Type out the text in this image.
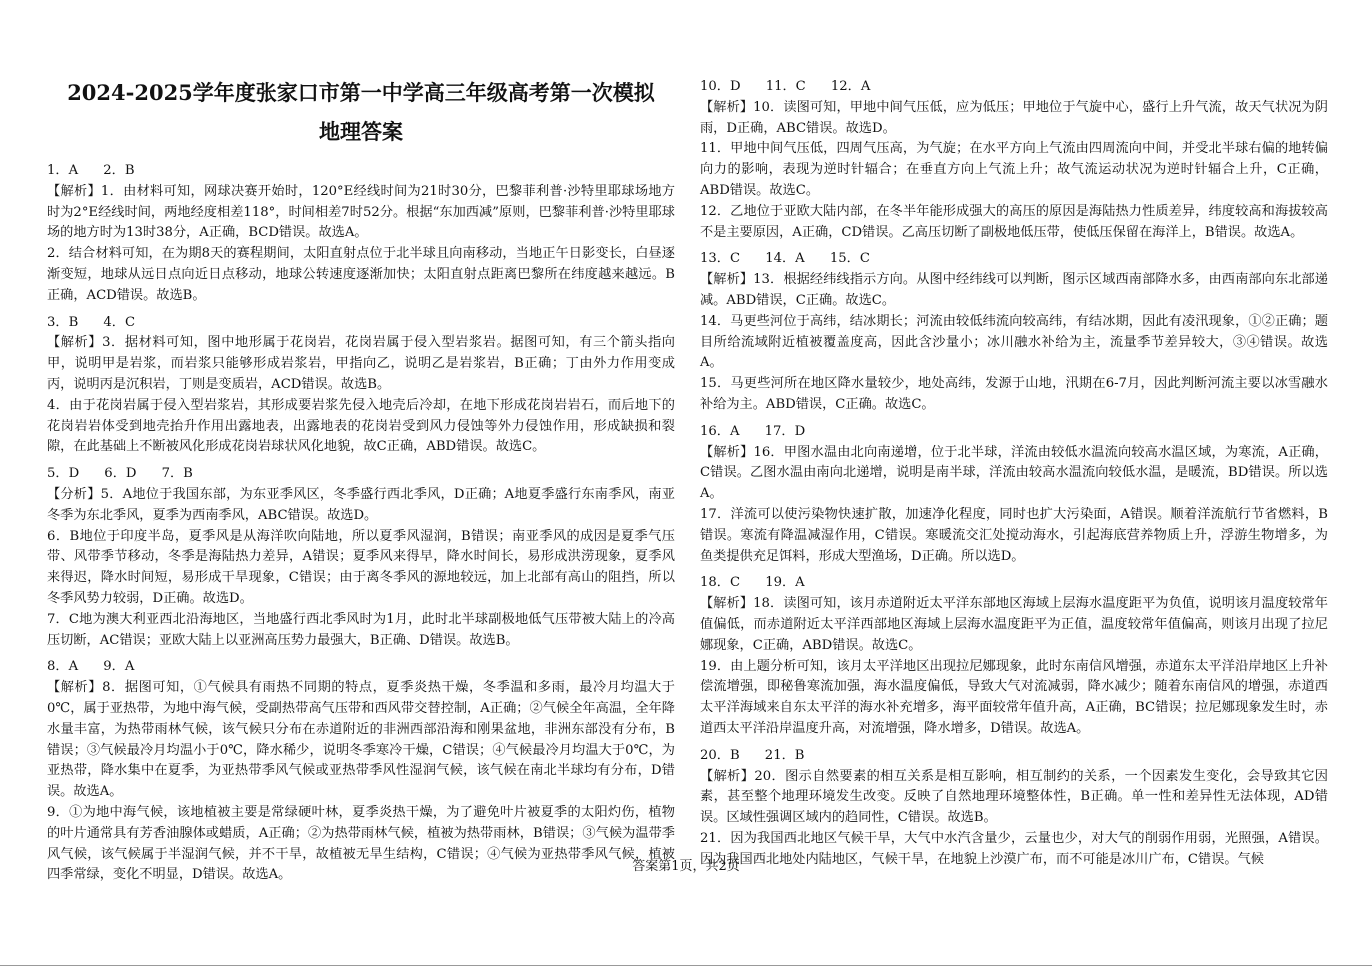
2024-2025学年度张家口市第一中学高三年级高考第一次模拟
地理答案

1．A      2．B

【解析】1．由材料可知，网球决赛开始时，120°E经线时间为21时30分，巴黎菲利普·沙特里耶球场地方时为2°E经线时间，两地经度相差118°，时间相差7时52分。根据“东加西减”原则，巴黎菲利普·沙特里耶球场的地方时为13时38分，A正确，BCD错误。故选A。

2．结合材料可知，在为期8天的赛程期间，太阳直射点位于北半球且向南移动，当地正午日影变长，白昼逐渐变短，地球从远日点向近日点移动，地球公转速度逐渐加快；太阳直射点距离巴黎所在纬度越来越远。B正确，ACD错误。故选B。

3．B      4．C

【解析】3．据材料可知，图中地形属于花岗岩，花岗岩属于侵入型岩浆岩。据图可知，有三个箭头指向甲，说明甲是岩浆，而岩浆只能够形成岩浆岩，甲指向乙，说明乙是岩浆岩，B正确；丁由外力作用变成丙，说明丙是沉积岩，丁则是变质岩，ACD错误。故选B。

4．由于花岗岩属于侵入型岩浆岩，其形成要岩浆先侵入地壳后冷却，在地下形成花岗岩岩石，而后地下的花岗岩岩体受到地壳抬升作用出露地表，出露地表的花岗岩受到风力侵蚀等外力侵蚀作用，形成缺损和裂隙，在此基础上不断被风化形成花岗岩球状风化地貌，故C正确，ABD错误。故选C。

5．D      6．D      7．B

【分析】5．A地位于我国东部，为东亚季风区，冬季盛行西北季风，D正确；A地夏季盛行东南季风，南亚冬季为东北季风，夏季为西南季风，ABC错误。故选D。

6．B地位于印度半岛，夏季风是从海洋吹向陆地，所以夏季风湿润，B错误；南亚季风的成因是夏季气压带、风带季节移动，冬季是海陆热力差异，A错误；夏季风来得早，降水时间长，易形成洪涝现象，夏季风来得迟，降水时间短，易形成干旱现象，C错误；由于离冬季风的源地较远，加上北部有高山的阻挡，所以冬季风势力较弱，D正确。故选D。

7．C地为澳大利亚西北沿海地区，当地盛行西北季风时为1月，此时北半球副极地低气压带被大陆上的冷高压切断，AC错误；亚欧大陆上以亚洲高压势力最强大，B正确、D错误。故选B。

8．A      9．A

【解析】8．据图可知，①气候具有雨热不同期的特点，夏季炎热干燥，冬季温和多雨，最冷月均温大于0℃，属于亚热带，为地中海气候，受副热带高气压带和西风带交替控制，A正确；②气候全年高温，全年降水量丰富，为热带雨林气候，该气候只分布在赤道附近的非洲西部沿海和刚果盆地，非洲东部没有分布，B错误；③气候最冷月均温小于0℃，降水稀少，说明冬季寒冷干燥，C错误；④气候最冷月均温大于0℃，为亚热带，降水集中在夏季，为亚热带季风气候或亚热带季风性湿润气候，该气候在南北半球均有分布，D错误。故选A。

9．①为地中海气候，该地植被主要是常绿硬叶林，夏季炎热干燥，为了避免叶片被夏季的太阳灼伤，植物的叶片通常具有芳香油腺体或蜡质，A正确；②为热带雨林气候，植被为热带雨林，B错误；③气候为温带季风气候，该气候属于半湿润气候，并不干旱，故植被无旱生结构，C错误；④气候为亚热带季风气候，植被四季常绿，变化不明显，D错误。故选A。

10．D      11．C      12．A

【解析】10．读图可知，甲地中间气压低，应为低压；甲地位于气旋中心，盛行上升气流，故天气状况为阴雨，D正确，ABC错误。故选D。

11．甲地中间气压低，四周气压高，为气旋；在水平方向上气流由四周流向中间，并受北半球右偏的地转偏向力的影响，表现为逆时针辐合；在垂直方向上气流上升；故气流运动状况为逆时针辐合上升，C正确，ABD错误。故选C。

12．乙地位于亚欧大陆内部，在冬半年能形成强大的高压的原因是海陆热力性质差异，纬度较高和海拔较高不是主要原因，A正确，CD错误。乙高压切断了副极地低压带，使低压保留在海洋上，B错误。故选A。

13．C      14．A      15．C

【解析】13．根据经纬线指示方向。从图中经纬线可以判断，图示区域西南部降水多，由西南部向东北部递减。ABD错误，C正确。故选C。

14．马更些河位于高纬，结冰期长；河流由较低纬流向较高纬，有结冰期，因此有凌汛现象，①②正确；题目所给流域附近植被覆盖度高，因此含沙量小；冰川融水补给为主，流量季节差异较大，③④错误。故选A。

15．马更些河所在地区降水量较少，地处高纬，发源于山地，汛期在6-7月，因此判断河流主要以冰雪融水补给为主。ABD错误，C正确。故选C。

16．A      17．D

【解析】16．甲图水温由北向南递增，位于北半球，洋流由较低水温流向较高水温区域，为寒流，A正确，C错误。乙图水温由南向北递增，说明是南半球，洋流由较高水温流向较低水温，是暖流，BD错误。所以选A。

17．洋流可以使污染物快速扩散，加速净化程度，同时也扩大污染面，A错误。顺着洋流航行节省燃料，B错误。寒流有降温减湿作用，C错误。寒暖流交汇处搅动海水，引起海底营养物质上升，浮游生物增多，为鱼类提供充足饵料，形成大型渔场，D正确。所以选D。

18．C      19．A

【解析】18．读图可知，该月赤道附近太平洋东部地区海域上层海水温度距平为负值，说明该月温度较常年值偏低，而赤道附近太平洋西部地区海域上层海水温度距平为正值，温度较常年值偏高，则该月出现了拉尼娜现象，C正确，ABD错误。故选C。

19．由上题分析可知，该月太平洋地区出现拉尼娜现象，此时东南信风增强，赤道东太平洋沿岸地区上升补偿流增强，即秘鲁寒流加强，海水温度偏低，导致大气对流减弱，降水减少；随着东南信风的增强，赤道西太平洋海域来自东太平洋的海水补充增多，海平面较常年值升高，A正确，BC错误；拉尼娜现象发生时，赤道西太平洋沿岸温度升高，对流增强，降水增多，D错误。故选A。

20．B      21．B

【解析】20．图示自然要素的相互关系是相互影响，相互制约的关系，一个因素发生变化，会导致其它因素，甚至整个地理环境发生改变。反映了自然地理环境整体性，B正确。单一性和差异性无法体现，AD错误。区域性强调区域内的趋同性，C错误。故选B。

21．因为我国西北地区气候干旱，大气中水汽含量少，云量也少，对大气的削弱作用弱，光照强，A错误。因为我国西北地处内陆地区，气候干旱，在地貌上沙漠广布，而不可能是冰川广布，C错误。气候

答案第1页，共2页
